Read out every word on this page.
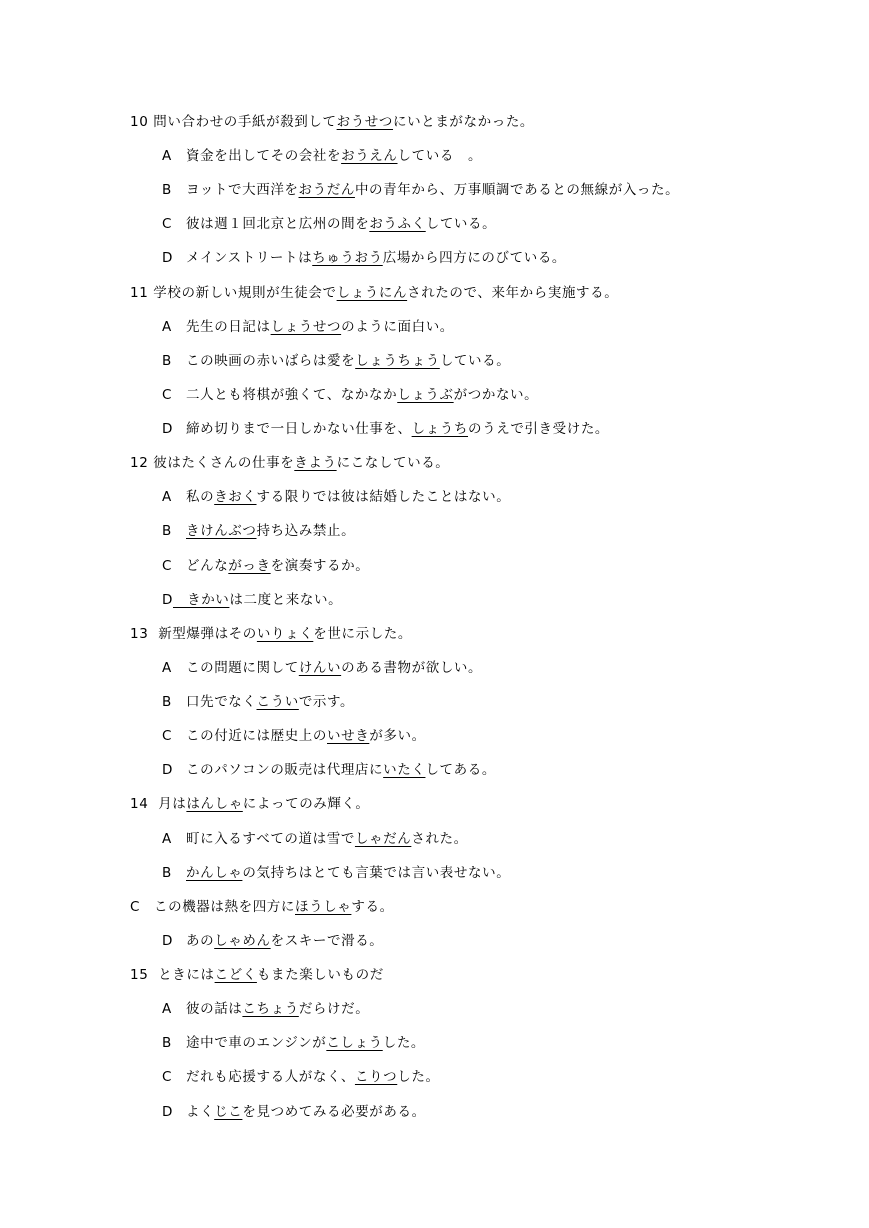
10 問い合わせの手紙が殺到しておうせつにいとまがなかった。
A 資金を出してその会社をおうえんしている　。
B ヨットで大西洋をおうだん中の青年から、万事順調であるとの無線が入った。
C 彼は週１回北京と広州の間をおうふくしている。
D メインストリートはちゅうおう広場から四方にのびている。
11 学校の新しい規則が生徒会でしょうにんされたので、来年から実施する。
A 先生の日記はしょうせつのように面白い。
B この映画の赤いばらは愛をしょうちょうしている。
C 二人とも将棋が強くて、なかなかしょうぶがつかない。
D 締め切りまで一日しかない仕事を、しょうちのうえで引き受けた。
12 彼はたくさんの仕事をきようにこなしている。
A 私のきおくする限りでは彼は結婚したことはない。
B きけんぶつ持ち込み禁止。
C どんながっきを演奏するか。
D　きかいは二度と来ない。
13 新型爆弾はそのいりょくを世に示した。
A この問題に関してけんいのある書物が欲しい。
B 口先でなくこういで示す。
C この付近には歴史上のいせきが多い。
D このパソコンの販売は代理店にいたくしてある。
14 月ははんしゃによってのみ輝く。
A 町に入るすべての道は雪でしゃだんされた。
B かんしゃの気持ちはとても言葉では言い表せない。
C この機器は熱を四方にほうしゃする。
D あのしゃめんをスキーで滑る。
15 ときにはこどくもまた楽しいものだ
A 彼の話はこちょうだらけだ。
B 途中で車のエンジンがこしょうした。
C だれも応援する人がなく、こりつした。
D よくじこを見つめてみる必要がある。
